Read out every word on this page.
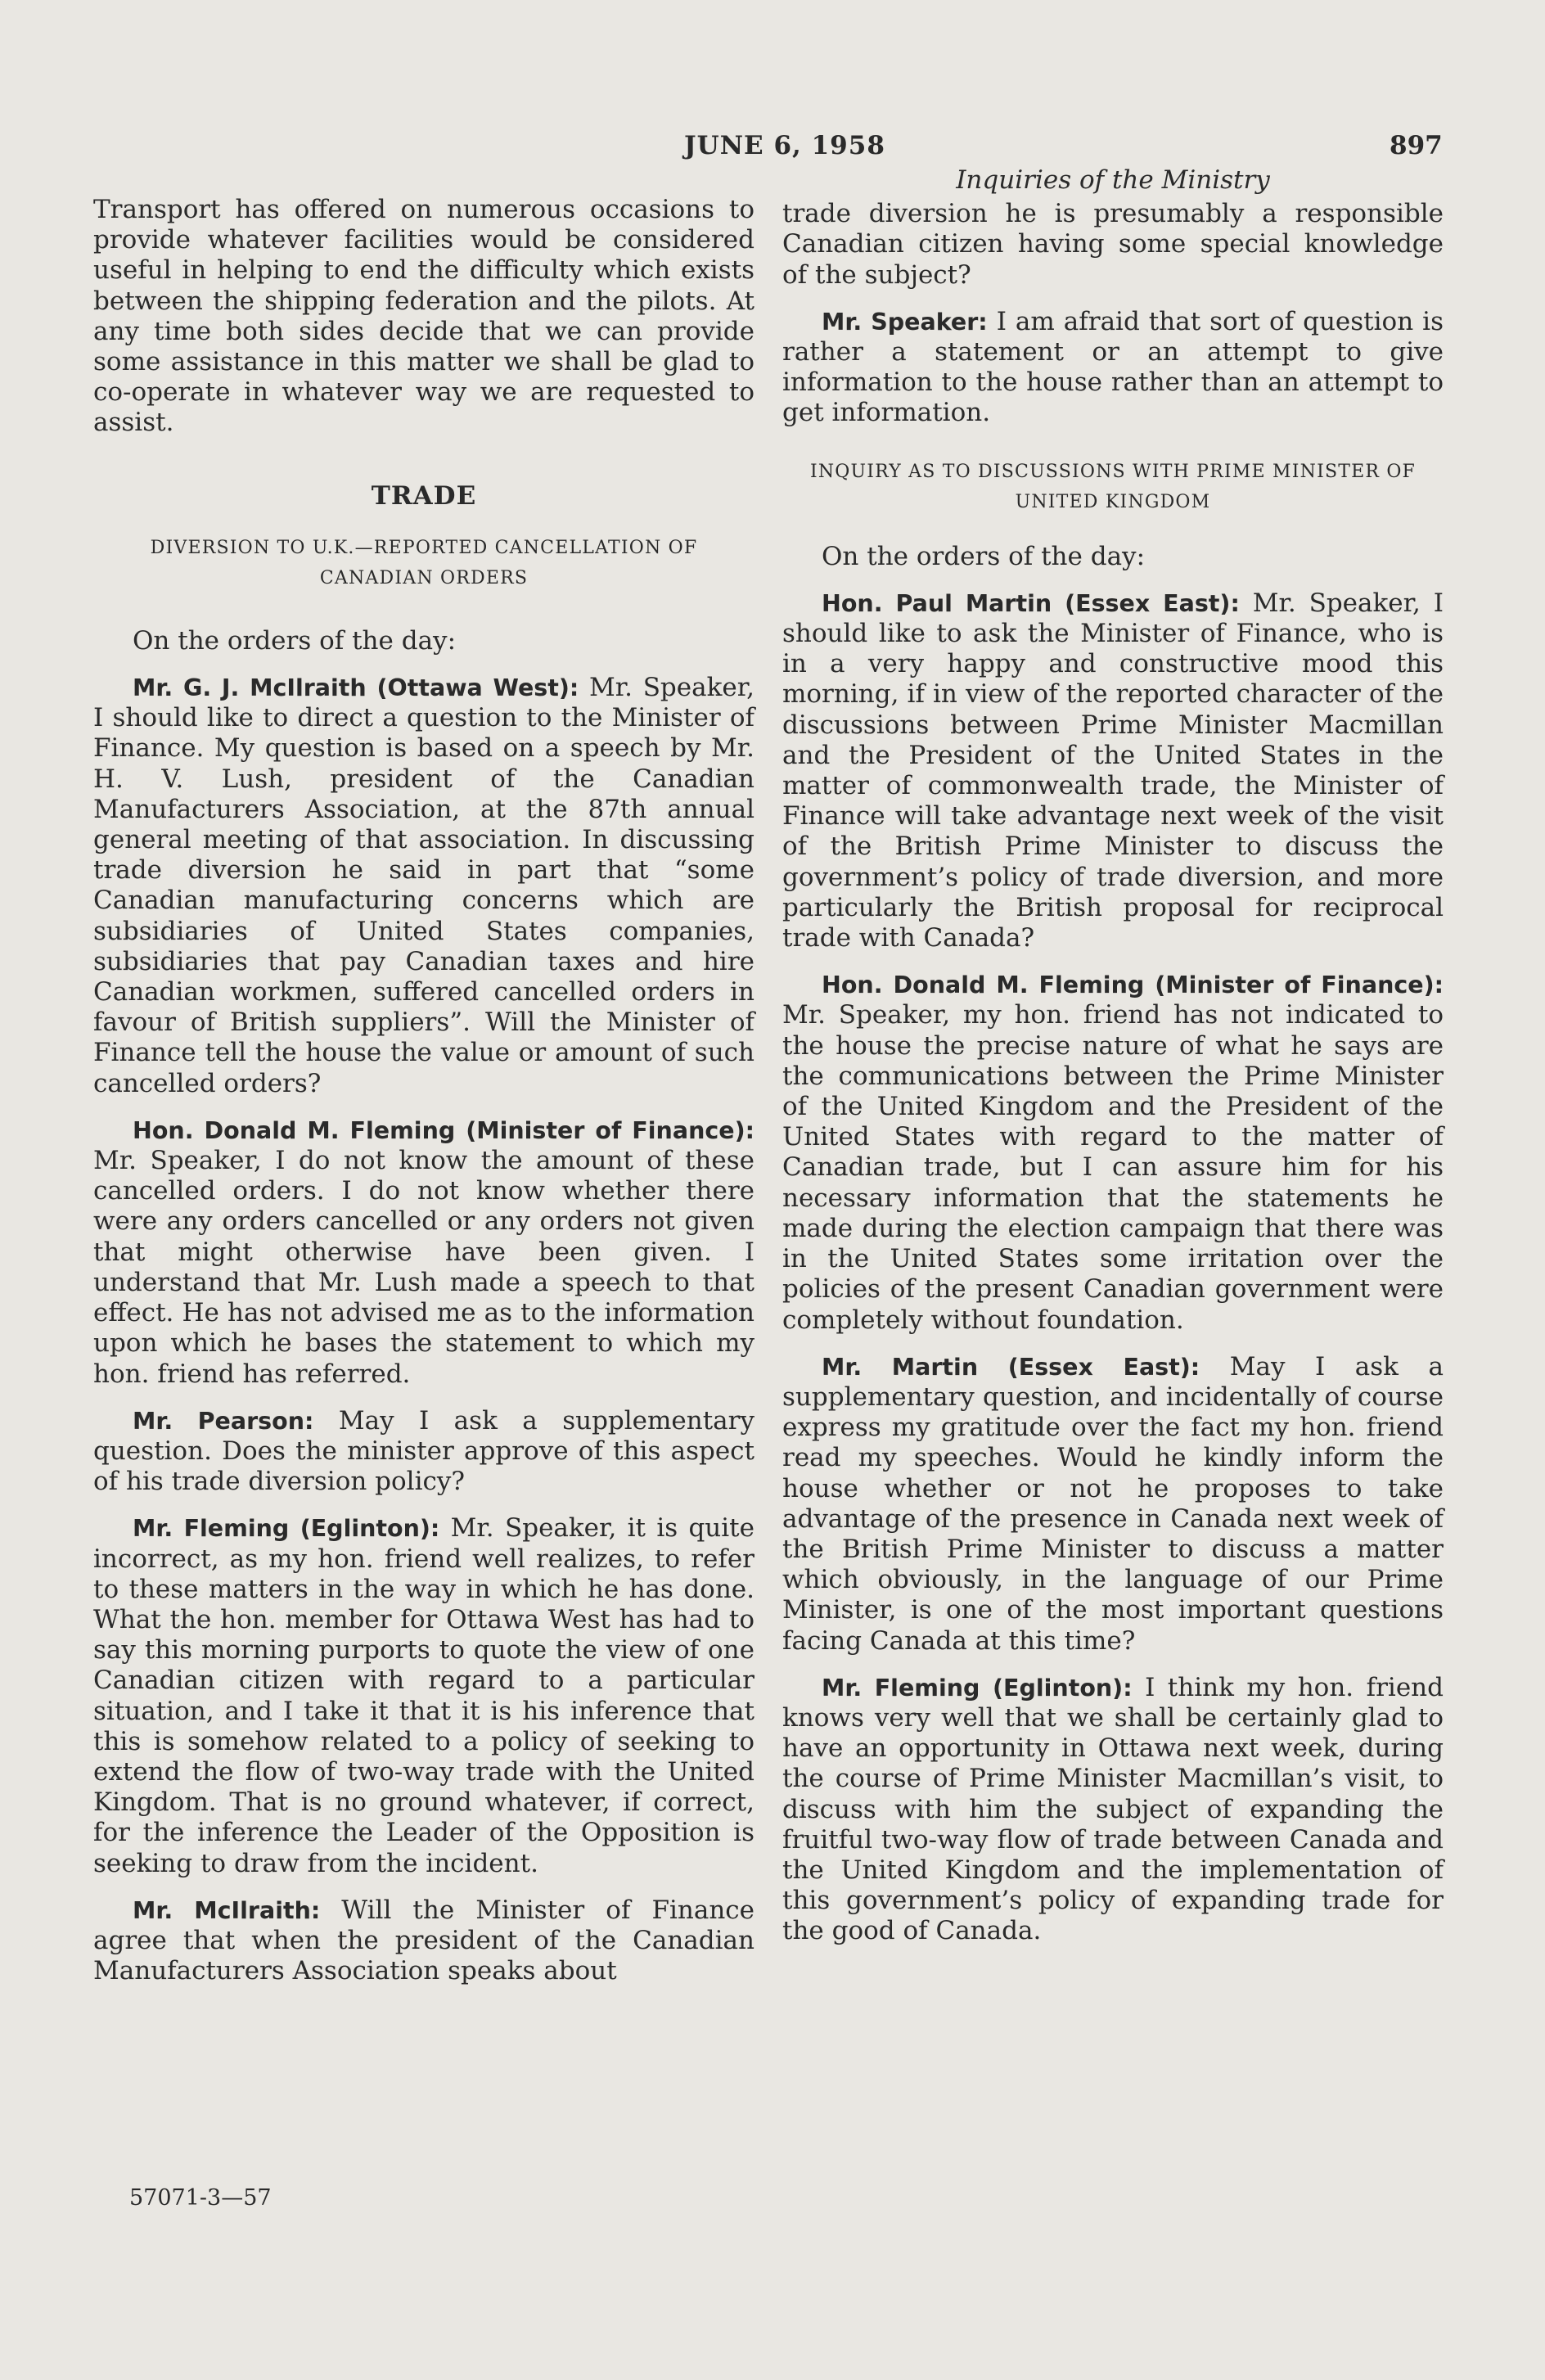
JUNE 6, 1958	897

Transport has offered on numerous occasions to provide whatever facilities would be considered useful in helping to end the difficulty which exists between the shipping federation and the pilots. At any time both sides decide that we can provide some assistance in this matter we shall be glad to co-operate in whatever way we are requested to assist.

TRADE
DIVERSION TO U.K.—REPORTED CANCELLATION OF CANADIAN ORDERS

On the orders of the day:

Mr. G. J. McIlraith (Ottawa West): Mr. Speaker, I should like to direct a question to the Minister of Finance. My question is based on a speech by Mr. H. V. Lush, president of the Canadian Manufacturers Association, at the 87th annual general meeting of that association. In discussing trade diversion he said in part that “some Canadian manufacturing concerns which are subsidiaries of United States companies, subsidiaries that pay Canadian taxes and hire Canadian workmen, suffered cancelled orders in favour of British suppliers”. Will the Minister of Finance tell the house the value or amount of such cancelled orders?

Hon. Donald M. Fleming (Minister of Finance): Mr. Speaker, I do not know the amount of these cancelled orders. I do not know whether there were any orders cancelled or any orders not given that might otherwise have been given. I understand that Mr. Lush made a speech to that effect. He has not advised me as to the information upon which he bases the statement to which my hon. friend has referred.

Mr. Pearson: May I ask a supplementary question. Does the minister approve of this aspect of his trade diversion policy?

Mr. Fleming (Eglinton): Mr. Speaker, it is quite incorrect, as my hon. friend well realizes, to refer to these matters in the way in which he has done. What the hon. member for Ottawa West has had to say this morning purports to quote the view of one Canadian citizen with regard to a particular situation, and I take it that it is his inference that this is somehow related to a policy of seeking to extend the flow of two-way trade with the United Kingdom. That is no ground whatever, if correct, for the inference the Leader of the Opposition is seeking to draw from the incident.

Mr. McIlraith: Will the Minister of Finance agree that when the president of the Canadian Manufacturers Association speaks about

Inquiries of the Ministry

trade diversion he is presumably a responsible Canadian citizen having some special knowledge of the subject?

Mr. Speaker: I am afraid that sort of question is rather a statement or an attempt to give information to the house rather than an attempt to get information.

INQUIRY AS TO DISCUSSIONS WITH PRIME MINISTER OF UNITED KINGDOM

On the orders of the day:

Hon. Paul Martin (Essex East): Mr. Speaker, I should like to ask the Minister of Finance, who is in a very happy and constructive mood this morning, if in view of the reported character of the discussions between Prime Minister Macmillan and the President of the United States in the matter of commonwealth trade, the Minister of Finance will take advantage next week of the visit of the British Prime Minister to discuss the government’s policy of trade diversion, and more particularly the British proposal for reciprocal trade with Canada?

Hon. Donald M. Fleming (Minister of Finance): Mr. Speaker, my hon. friend has not indicated to the house the precise nature of what he says are the communications between the Prime Minister of the United Kingdom and the President of the United States with regard to the matter of Canadian trade, but I can assure him for his necessary information that the statements he made during the election campaign that there was in the United States some irritation over the policies of the present Canadian government were completely without foundation.

Mr. Martin (Essex East): May I ask a supplementary question, and incidentally of course express my gratitude over the fact my hon. friend read my speeches. Would he kindly inform the house whether or not he proposes to take advantage of the presence in Canada next week of the British Prime Minister to discuss a matter which obviously, in the language of our Prime Minister, is one of the most important questions facing Canada at this time?

Mr. Fleming (Eglinton): I think my hon. friend knows very well that we shall be certainly glad to have an opportunity in Ottawa next week, during the course of Prime Minister Macmillan’s visit, to discuss with him the subject of expanding the fruitful two-way flow of trade between Canada and the United Kingdom and the implementation of this government’s policy of expanding trade for the good of Canada.

57071-3—57
